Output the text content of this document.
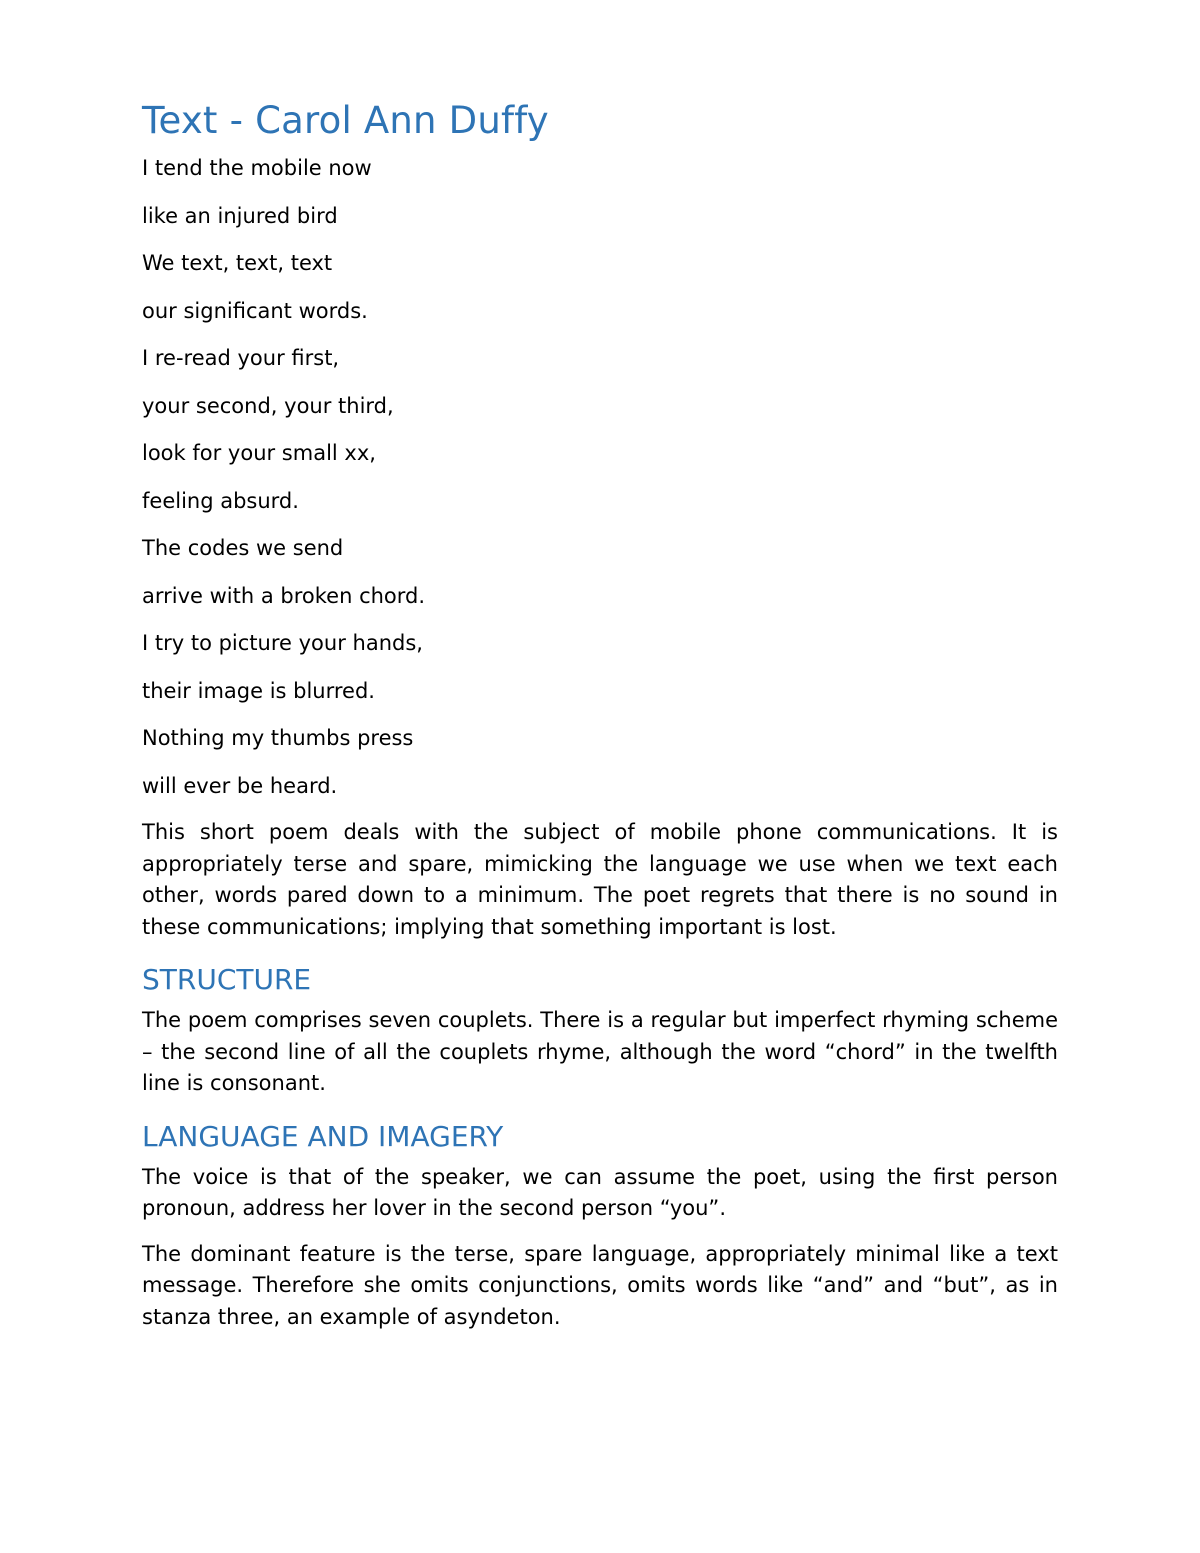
Text - Carol Ann Duffy

I tend the mobile now

like an injured bird

We text, text, text

our significant words.

I re-read your first,

your second, your third,

look for your small xx,

feeling absurd.

The codes we send

arrive with a broken chord.

I try to picture your hands,

their image is blurred.

Nothing my thumbs press

will ever be heard.

This short poem deals with the subject of mobile phone communications. It is appropriately terse and spare, mimicking the language we use when we text each other, words pared down to a minimum. The poet regrets that there is no sound in these communications; implying that something important is lost.

STRUCTURE

The poem comprises seven couplets. There is a regular but imperfect rhyming scheme – the second line of all the couplets rhyme, although the word “chord” in the twelfth line is consonant.

LANGUAGE AND IMAGERY

The voice is that of the speaker, we can assume the poet, using the first person pronoun, address her lover in the second person “you”.

The dominant feature is the terse, spare language, appropriately minimal like a text message. Therefore she omits conjunctions, omits words like “and” and “but”, as in stanza three, an example of asyndeton.
